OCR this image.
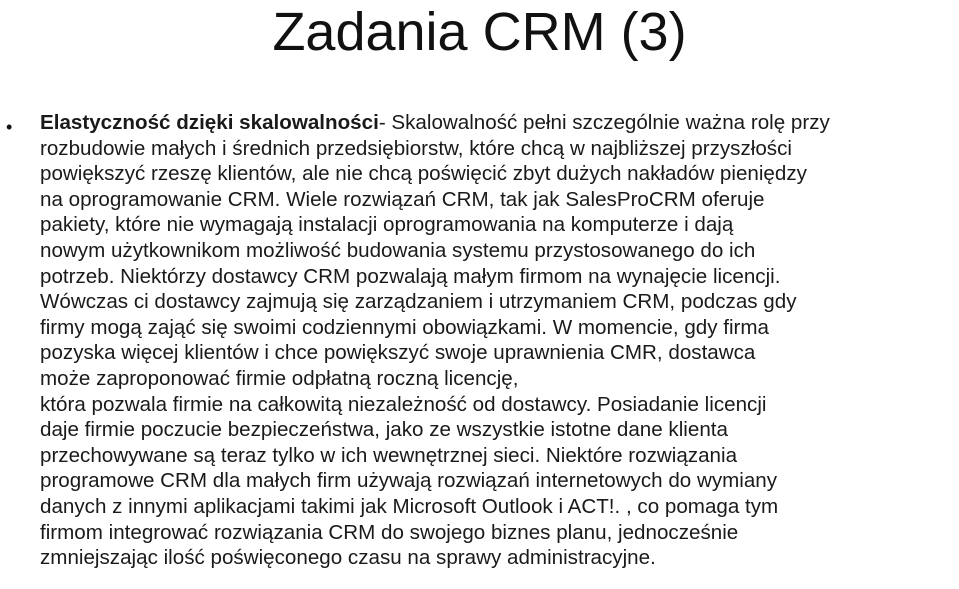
Zadania CRM (3)
• Elastyczność dzięki skalowalności- Skalowalność pełni szczególnie ważna rolę przy
rozbudowie małych i średnich przedsiębiorstw, które chcą w najbliższej przyszłości
powiększyć rzeszę klientów, ale nie chcą poświęcić zbyt dużych nakładów pieniędzy
na oprogramowanie CRM. Wiele rozwiązań CRM, tak jak SalesProCRM oferuje
pakiety, które nie wymagają instalacji oprogramowania na komputerze i dają
nowym użytkownikom możliwość budowania systemu przystosowanego do ich
potrzeb. Niektórzy dostawcy CRM pozwalają małym firmom na wynajęcie licencji.
Wówczas ci dostawcy zajmują się zarządzaniem i utrzymaniem CRM, podczas gdy
firmy mogą zająć się swoimi codziennymi obowiązkami. W momencie, gdy firma
pozyska więcej klientów i chce powiększyć swoje uprawnienia CMR, dostawca
może zaproponować firmie odpłatną roczną licencję,
która pozwala firmie na całkowitą niezależność od dostawcy. Posiadanie licencji
daje firmie poczucie bezpieczeństwa, jako ze wszystkie istotne dane klienta
przechowywane są teraz tylko w ich wewnętrznej sieci. Niektóre rozwiązania
programowe CRM dla małych firm używają rozwiązań internetowych do wymiany
danych z innymi aplikacjami takimi jak Microsoft Outlook i ACT!. , co pomaga tym
firmom integrować rozwiązania CRM do swojego biznes planu, jednocześnie
zmniejszając ilość poświęconego czasu na sprawy administracyjne.
